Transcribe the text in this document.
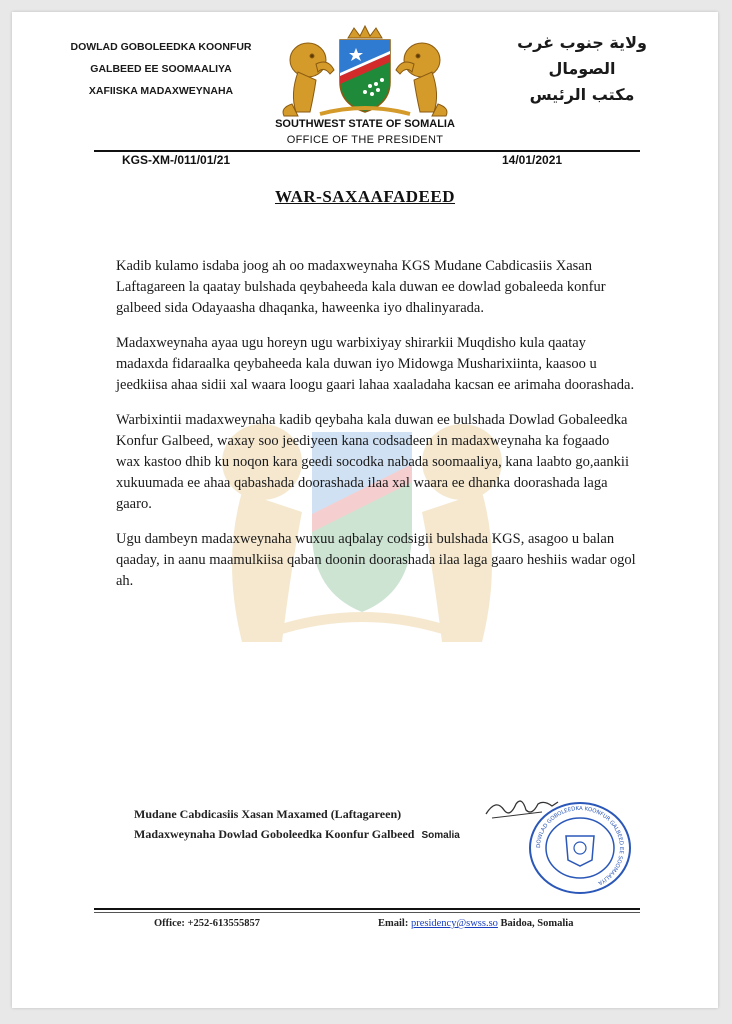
DOWLAD GOBOLEEDKA KOONFUR
GALBEED EE SOOMAALIYA
XAFIISKA MADAXWEYNAHA
ولاية جنوب غرب
الصومال
مكتب الرئيس
SOUTHWEST STATE OF SOMALIA
OFFICE OF THE PRESIDENT
KGS-XM-/011/01/21	14/01/2021
WAR-SAXAAFADEED

Kadib kulamo isdaba joog ah oo madaxweynaha KGS Mudane Cabdicasiis Xasan Laftagareen la qaatay bulshada qeybaheeda kala duwan ee dowlad gobaleeda konfur galbeed sida Odayaasha dhaqanka, haweenka iyo dhalinyarada.

Madaxweynaha ayaa ugu horeyn ugu warbixiyay shirarkii Muqdisho kula qaatay madaxda fidaraalka qeybaheeda kala duwan iyo Midowga Musharixiinta, kaasoo u jeedkiisa ahaa sidii xal waara loogu gaari lahaa xaaladaha kacsan ee arimaha doorashada.

Warbixintii madaxweynaha kadib qeybaha kala duwan ee bulshada Dowlad Gobaleedka Konfur Galbeed, waxay soo jeediyeen kana codsadeen in madaxweynaha ka fogaado wax kastoo dhib ku noqon kara geedi socodka nabada soomaaliya, kana laabto go,aankii xukuumada ee ahaa qabashada doorashada ilaa xal waara ee dhanka doorashada laga gaaro.

Ugu dambeyn madaxweynaha wuxuu aqbalay codsigii bulshada KGS, asagoo u balan qaaday, in aanu maamulkiisa qaban doonin doorashada ilaa laga gaaro heshiis wadar ogol ah.

Mudane Cabdicasiis Xasan Maxamed (Laftagareen)
Madaxweynaha Dowlad Goboleedka Koonfur Galbeed Somalia
DOWLAD GOBOLEEDKA KOONFUR GALBEED EE SOOMAALIYA
Office: +252-613555857	Email: presidency@swss.so Baidoa, Somalia
